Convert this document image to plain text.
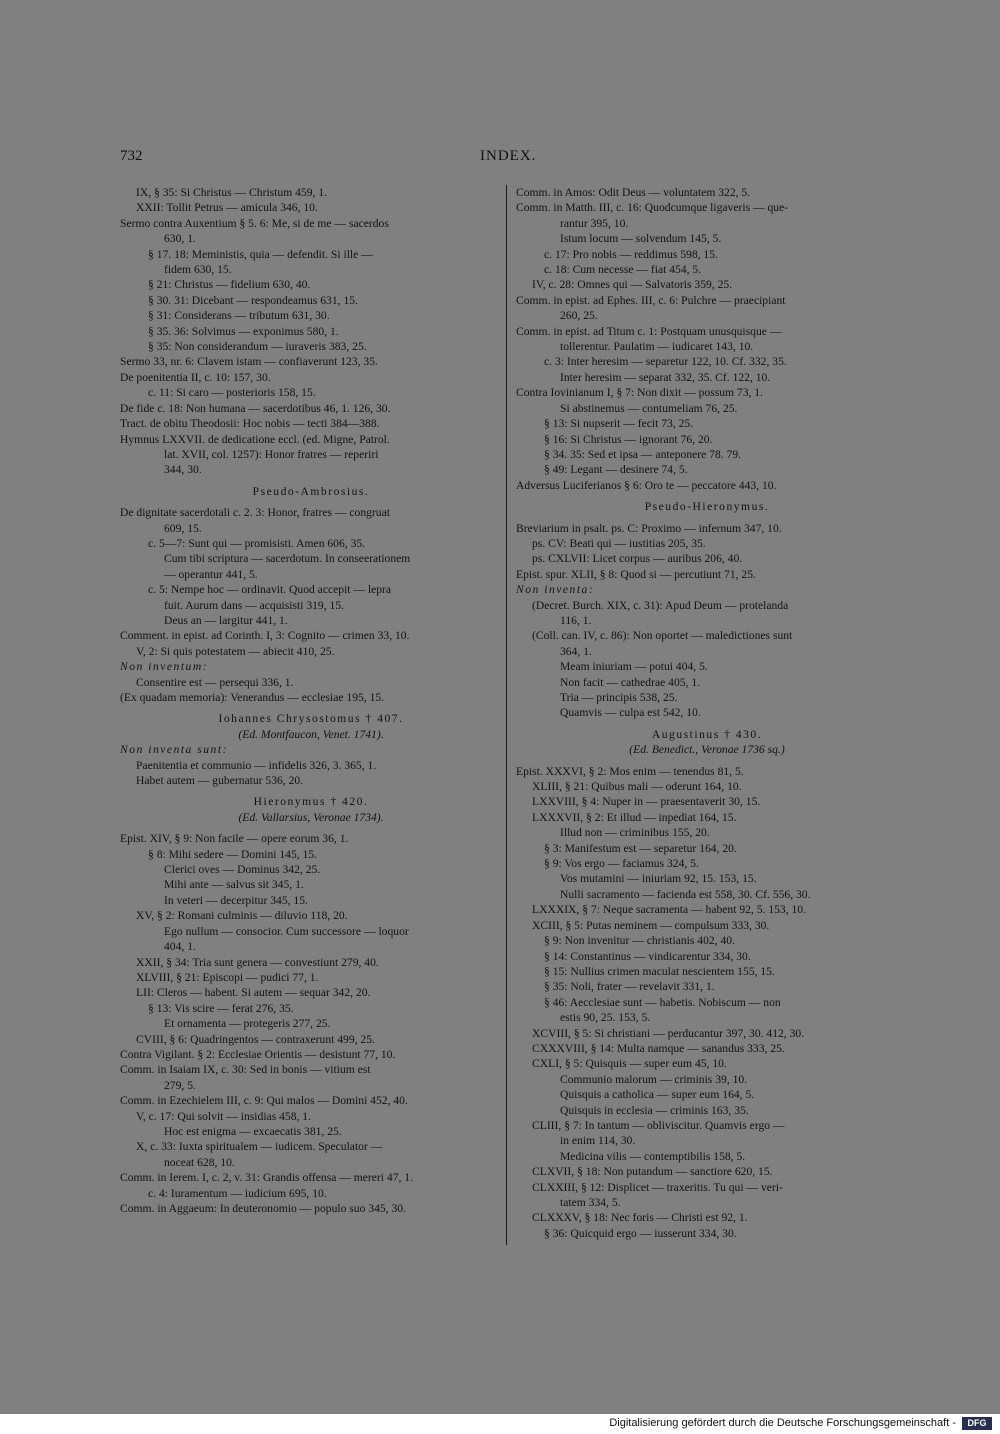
732	INDEX.
IX, § 35: Si Christus — Christum 459, 1.
XXII: Tollit Petrus — amicula 346, 10.
Sermo contra Auxentium § 5. 6: Me, si de me — sacerdos
630, 1.
§ 17. 18: Meministis, quia — defendit. Si ille —
fidem 630, 15.
§ 21: Christus — fidelium 630, 40.
§ 30. 31: Dicebant — respondeamus 631, 15.
§ 31: Considerans — tributum 631, 30.
§ 35. 36: Solvimus — exponimus 580, 1.
§ 35: Non considerandum — iuraveris 383, 25.
Sermo 33, nr. 6: Clavem istam — confiaverunt 123, 35.
De poenitentia II, c. 10: 157, 30.
c. 11: Si caro — posterioris 158, 15.
De fide c. 18: Non humana — sacerdotibus 46, 1. 126, 30.
Tract. de obitu Theodosii: Hoc nobis — tecti 384—388.
Hymnus LXXVII. de dedicatione eccl. (ed. Migne, Patrol.
lat. XVII, col. 1257): Honor fratres — reperiri
344, 30.
Pseudo-Ambrosius.
De dignitate sacerdotali c. 2. 3: Honor, fratres — congruat
609, 15.
c. 5—7: Sunt qui — promisisti. Amen 606, 35.
Cum tibi scriptura — sacerdotum. In conseerationem
— operantur 441, 5.
c. 5: Nempe hoc — ordinavit. Quod accepit — lepra
fuit. Aurum dans — acquisisti 319, 15.
Deus an — largitur 441, 1.
Comment. in epist. ad Corinth. I, 3: Cognito — crimen 33, 10.
V, 2: Si quis potestatem — abiecit 410, 25.
Non inventum:
Consentire est — persequi 336, 1.
(Ex quadam memoria): Venerandus — ecclesiae 195, 15.
Iohannes Chrysostomus † 407.
(Ed. Montfaucon, Venet. 1741).
Non inventa sunt:
Paenitentia et communio — infidelis 326, 3. 365, 1.
Habet autem — gubernatur 536, 20.
Hieronymus † 420.
(Ed. Vallarsius, Veronae 1734).
Epist. XIV, § 9: Non facile — opere eorum 36, 1.
§ 8: Mihi sedere — Domini 145, 15.
Clerici oves — Dominus 342, 25.
Mihi ante — salvus sit 345, 1.
In veteri — decerpitur 345, 15.
XV, § 2: Romani culminis — diluvio 118, 20.
Ego nullum — consocior. Cum successore — loquor
404, 1.
XXII, § 34: Tria sunt genera — convestiunt 279, 40.
XLVIII, § 21: Episcopi — pudici 77, 1.
LII: Cleros — habent. Si autem — sequar 342, 20.
§ 13: Vis scire — ferat 276, 35.
Et ornamenta — protegeris 277, 25.
CVIII, § 6: Quadringentos — contraxerunt 499, 25.
Contra Vigilant. § 2: Ecclesiae Orientis — desistunt 77, 10.
Comm. in Isaiam IX, c. 30: Sed in bonis — vitium est
279, 5.
Comm. in Ezechielem III, c. 9: Qui malos — Domini 452, 40.
V, c. 17: Qui solvit — insidias 458, 1.
Hoc est enigma — excaecatis 381, 25.
X, c. 33: Iuxta spiritualem — iudicem. Speculator —
noceat 628, 10.
Comm. in Ierem. I, c. 2, v. 31: Grandis offensa — mereri 47, 1.
c. 4: Iuramentum — iudicium 695, 10.
Comm. in Aggaeum: In deuteronomio — populo suo 345, 30.
Comm. in Amos: Odit Deus — voluntatem 322, 5.
Comm. in Matth. III, c. 16: Quodcumque ligaveris — que-
rantur 395, 10.
Istum locum — solvendum 145, 5.
c. 17: Pro nobis — reddimus 598, 15.
c. 18: Cum necesse — fiat 454, 5.
IV, c. 28: Omnes qui — Salvatoris 359, 25.
Comm. in epist. ad Ephes. III, c. 6: Pulchre — praecipiant
260, 25.
Comm. in epist. ad Titum c. 1: Postquam unusquisque —
tollerentur. Paulatim — iudicaret 143, 10.
c. 3: Inter heresim — separetur 122, 10. Cf. 332, 35.
Inter heresim — separat 332, 35. Cf. 122, 10.
Contra Iovinianum I, § 7: Non dixit — possum 73, 1.
Si abstinemus — contumeliam 76, 25.
§ 13: Si nupserit — fecit 73, 25.
§ 16: Si Christus — ignorant 76, 20.
§ 34. 35: Sed et ipsa — anteponere 78. 79.
§ 49: Legant — desinere 74, 5.
Adversus Luciferianos § 6: Oro te — peccatore 443, 10.
Pseudo-Hieronymus.
Breviarium in psalt. ps. C: Proximo — infernum 347, 10.
ps. CV: Beati qui — iustitias 205, 35.
ps. CXLVII: Licet corpus — auribus 206, 40.
Epist. spur. XLII, § 8: Quod si — percutiunt 71, 25.
Non inventa:
(Decret. Burch. XIX, c. 31): Apud Deum — protelanda
116, 1.
(Coll. can. IV, c. 86): Non oportet — maledictiones sunt
364, 1.
Meam iniuriam — potui 404, 5.
Non facit — cathedrae 405, 1.
Tria — principis 538, 25.
Quamvis — culpa est 542, 10.
Augustinus † 430.
(Ed. Benedict., Veronae 1736 sq.)
Epist. XXXVI, § 2: Mos enim — tenendus 81, 5.
XLIII, § 21: Quibus mali — oderunt 164, 10.
LXXVIII, § 4: Nuper in — praesentaverit 30, 15.
LXXXVII, § 2: Et illud — inpediat 164, 15.
Illud non — criminibus 155, 20.
§ 3: Manifestum est — separetur 164, 20.
§ 9: Vos ergo — faciamus 324, 5.
Vos mutamini — iniuriam 92, 15. 153, 15.
Nulli sacramento — facienda est 558, 30. Cf. 556, 30.
LXXXIX, § 7: Neque sacramenta — habent 92, 5. 153, 10.
XCIII, § 5: Putas neminem — compulsum 333, 30.
§ 9: Non invenitur — christianis 402, 40.
§ 14: Constantinus — vindicarentur 334, 30.
§ 15: Nullius crimen maculat nescientem 155, 15.
§ 35: Noli, frater — revelavit 331, 1.
§ 46: Aecclesiae sunt — habetis. Nobiscum — non
estis 90, 25. 153, 5.
XCVIII, § 5: Si christiani — perducantur 397, 30. 412, 30.
CXXXVIII, § 14: Multa namque — sanandus 333, 25.
CXLI, § 5: Quisquis — super eum 45, 10.
Communio malorum — criminis 39, 10.
Quisquis a catholica — super eum 164, 5.
Quisquis in ecclesia — criminis 163, 35.
CLIII, § 7: In tantum — obliviscitur. Quamvis ergo —
in enim 114, 30.
Medicina vilis — contemptibilis 158, 5.
CLXVII, § 18: Non putandum — sanctiore 620, 15.
CLXXIII, § 12: Displicet — traxeritis. Tu qui — veri-
tatem 334, 5.
CLXXXV, § 18: Nec foris — Christi est 92, 1.
§ 36: Quicquid ergo — iusserunt 334, 30.
Digitalisierung gefördert durch die Deutsche Forschungsgemeinschaft -	DFG
